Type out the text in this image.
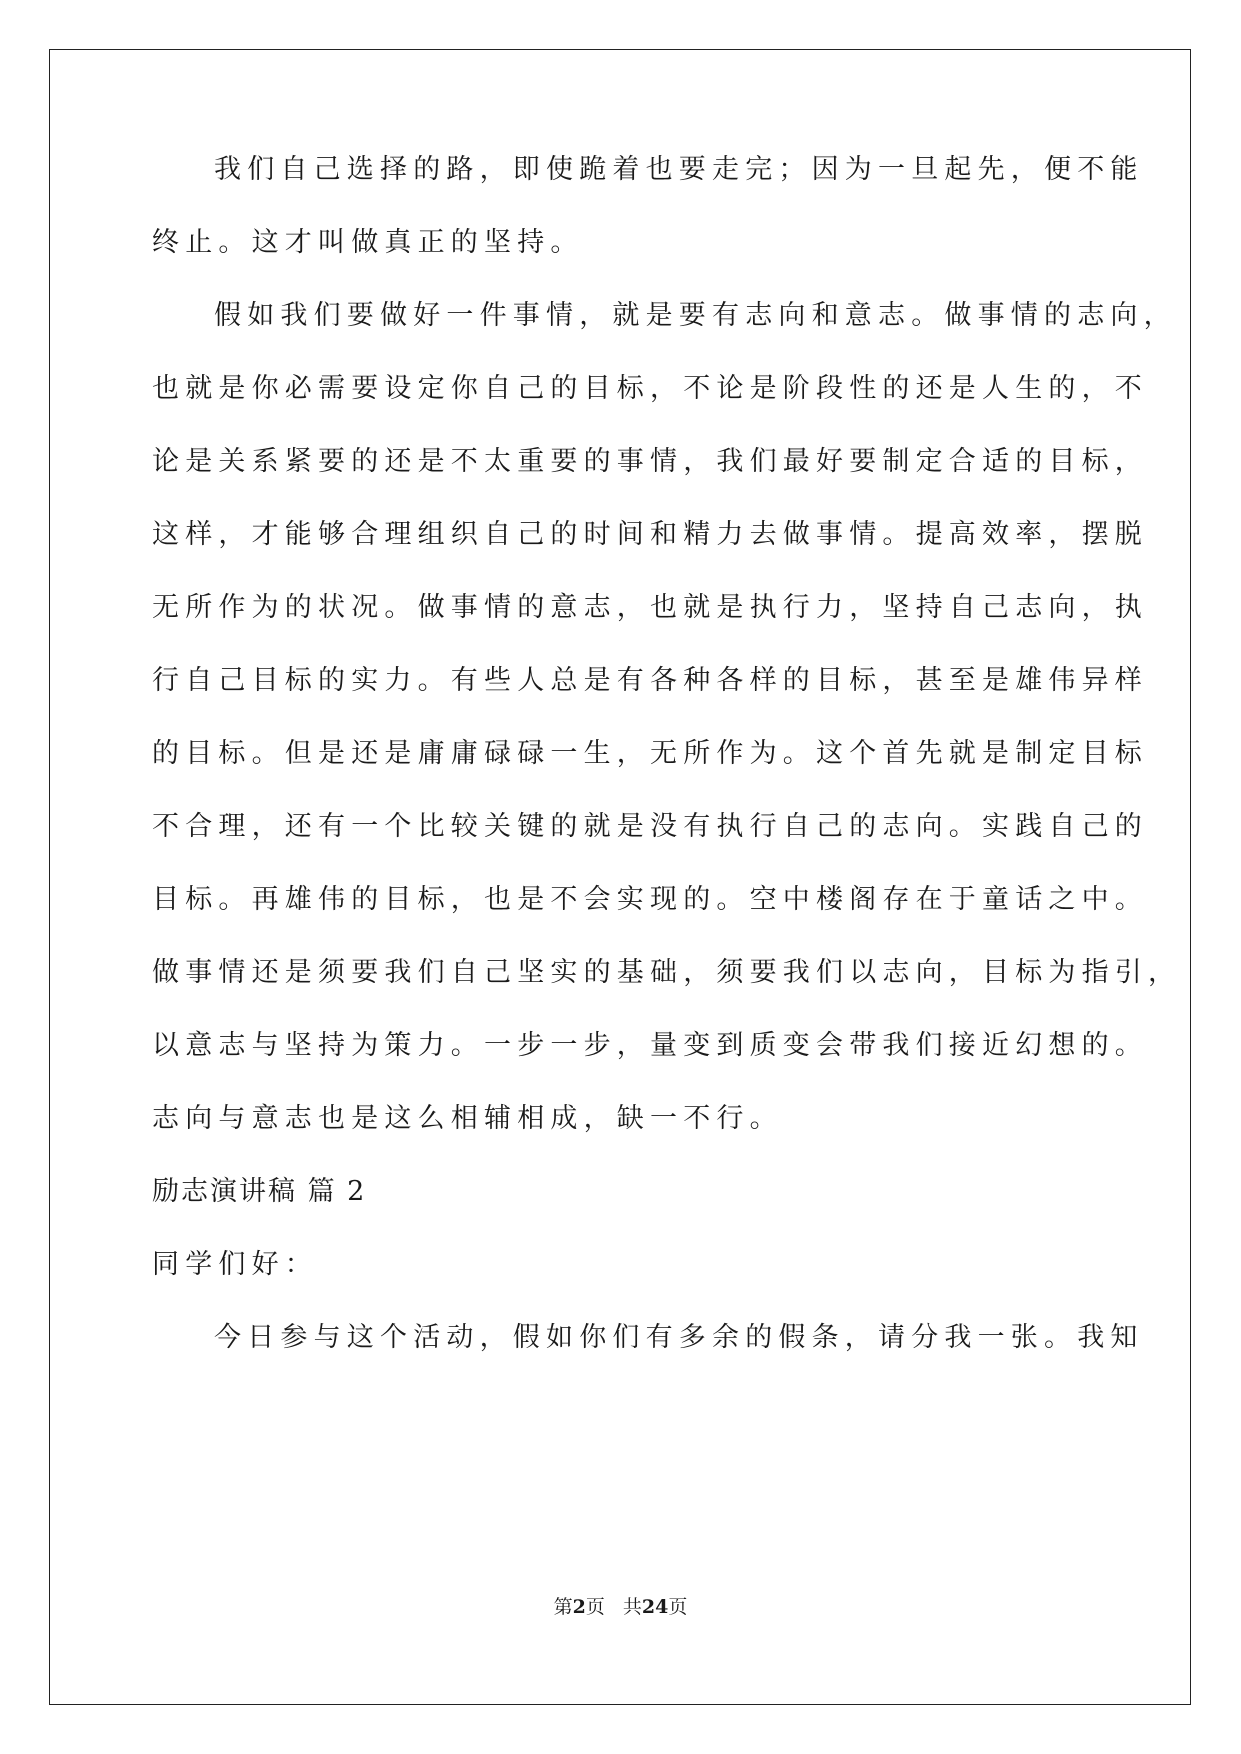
我们自己选择的路，即使跪着也要走完；因为一旦起先，便不能
终止。这才叫做真正的坚持。
假如我们要做好一件事情，就是要有志向和意志。做事情的志向，
也就是你必需要设定你自己的目标，不论是阶段性的还是人生的，不
论是关系紧要的还是不太重要的事情，我们最好要制定合适的目标，
这样，才能够合理组织自己的时间和精力去做事情。提高效率，摆脱
无所作为的状况。做事情的意志，也就是执行力，坚持自己志向，执
行自己目标的实力。有些人总是有各种各样的目标，甚至是雄伟异样
的目标。但是还是庸庸碌碌一生，无所作为。这个首先就是制定目标
不合理，还有一个比较关键的就是没有执行自己的志向。实践自己的
目标。再雄伟的目标，也是不会实现的。空中楼阁存在于童话之中。
做事情还是须要我们自己坚实的基础，须要我们以志向，目标为指引，
以意志与坚持为策力。一步一步，量变到质变会带我们接近幻想的。
志向与意志也是这么相辅相成，缺一不行。
励志演讲稿 篇 2
同学们好：
今日参与这个活动，假如你们有多余的假条，请分我一张。我知
第2页 共24页
